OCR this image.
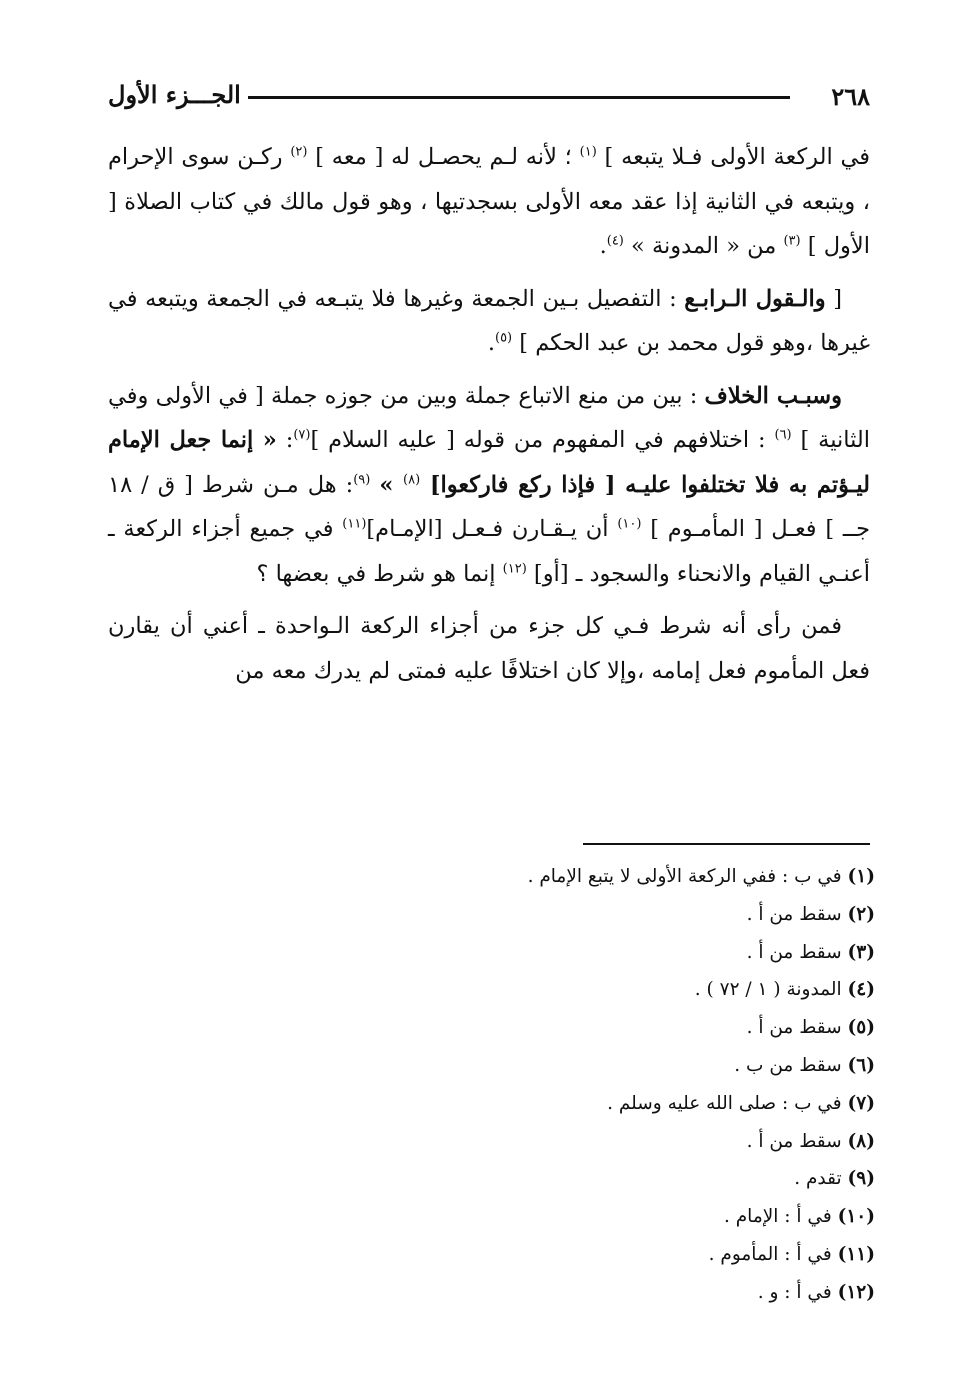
٢٦٨
الجـــزء الأول

في الركعة الأولى فـلا يتبعه ] $^{(١)}$ ؛ لأنه لـم يحصـل له [ معه ] $^{(٢)}$ ركـن سوى الإحرام ، ويتبعه في الثانية إذا عقد معه الأولى بسجدتيها ، وهو قول مالك في كتاب الصلاة [ الأول ] $^{(٣)}$ من « المدونة » $^{(٤)}$.

[ والـقول الـرابـع : التفصيل بـين الجمعة وغيرها فلا يتبـعه في الجمعة ويتبعه في غيرها ،وهو قول محمد بن عبد الحكم ] $^{(٥)}$.

وسبـب الخلاف : بين من منع الاتباع جملة وبين من جوزه جملة [ في الأولى وفي الثانية ] $^{(٦)}$ : اختلافهم في المفهوم من قوله [ عليه السلام ]$^{(٧)}$: « إنما جعل الإمام ليـؤتم به فلا تختلفوا عليـه [ فإذا ركع فاركعوا] $^{(٨)}$ » $^{(٩)}$: هل مـن شرط [ ق / ١٨ جــ ] فعـل [ المأمـوم ] $^{(١٠)}$ أن يـقـارن فـعـل [الإمـام]$^{(١١)}$ في جميع أجزاء الركعة ـ أعنـي القيام والانحناء والسجود ـ [أو] $^{(١٢)}$ إنما هو شرط في بعضها ؟

فمن رأى أنه شرط فـي كل جزء من أجزاء الركعة الـواحدة ـ أعني أن يقارن فعل المأموم فعل إمامه ،وإلا كان اختلافًا عليه فمتى لم يدرك معه من

(١) في ب : ففي الركعة الأولى لا يتبع الإمام .
(٢) سقط من أ .
(٣) سقط من أ .
(٤) المدونة ( ١ / ٧٢ ) .
(٥) سقط من أ .
(٦) سقط من ب .
(٧) في ب : صلى الله عليه وسلم .
(٨) سقط من أ .
(٩) تقدم .
(١٠) في أ : الإمام .
(١١) في أ : المأموم .
(١٢) في أ : و .
